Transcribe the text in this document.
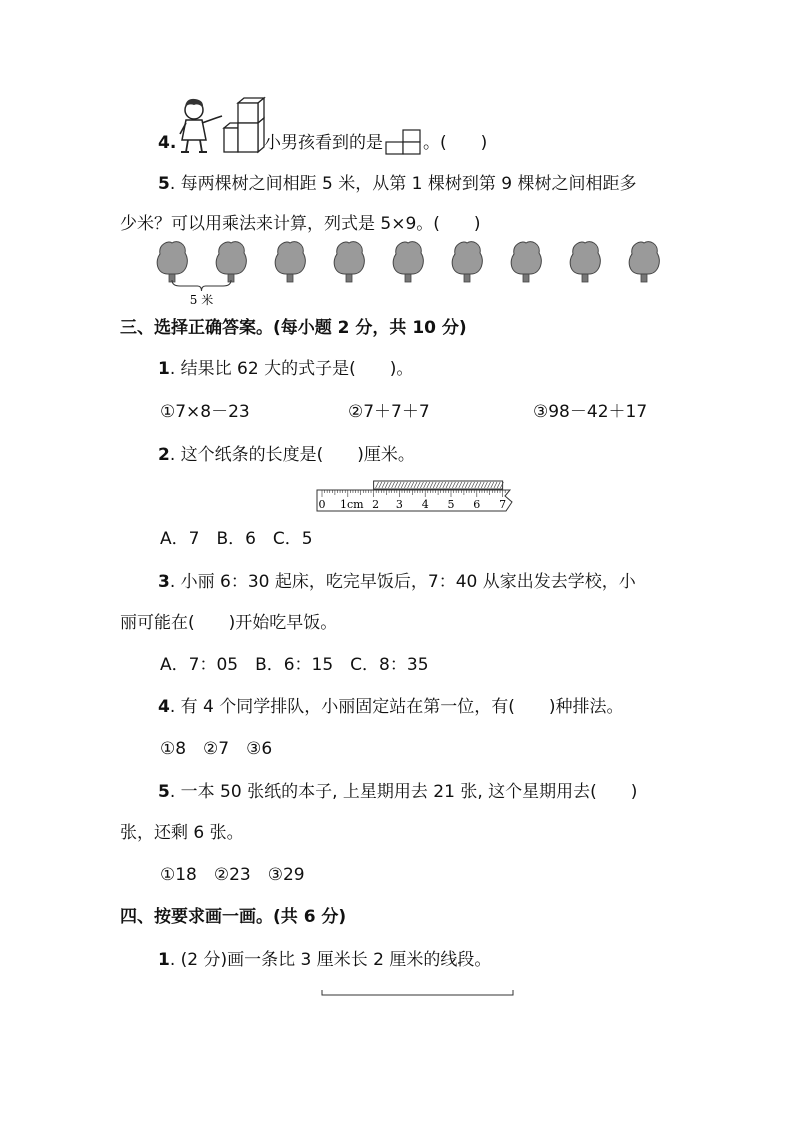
4.	小男孩看到的是 。(　　)
5. 每两棵树之间相距 5 米，从第 1 棵树到第 9 棵树之间相距多
少米？可以用乘法来计算，列式是 5×9。(　　)
5 米
三、选择正确答案。(每小题 2 分，共 10 分)
1. 结果比 62 大的式子是(　　)。
①7×8－23	②7＋7＋7	③98－42＋17
2. 这个纸条的长度是(　　)厘米。
0 1cm 2 3 4 5 6 7
A．7　B．6　C．5
3. 小丽 6：30 起床，吃完早饭后，7：40 从家出发去学校，小
丽可能在(　　)开始吃早饭。
A．7：05　B．6：15　C．8：35
4. 有 4 个同学排队，小丽固定站在第一位，有(　　)种排法。
①8　②7　③6
5. 一本 50 张纸的本子, 上星期用去 21 张, 这个星期用去(　　)
张，还剩 6 张。
①18　②23　③29
四、按要求画一画。(共 6 分)
1. (2 分)画一条比 3 厘米长 2 厘米的线段。
